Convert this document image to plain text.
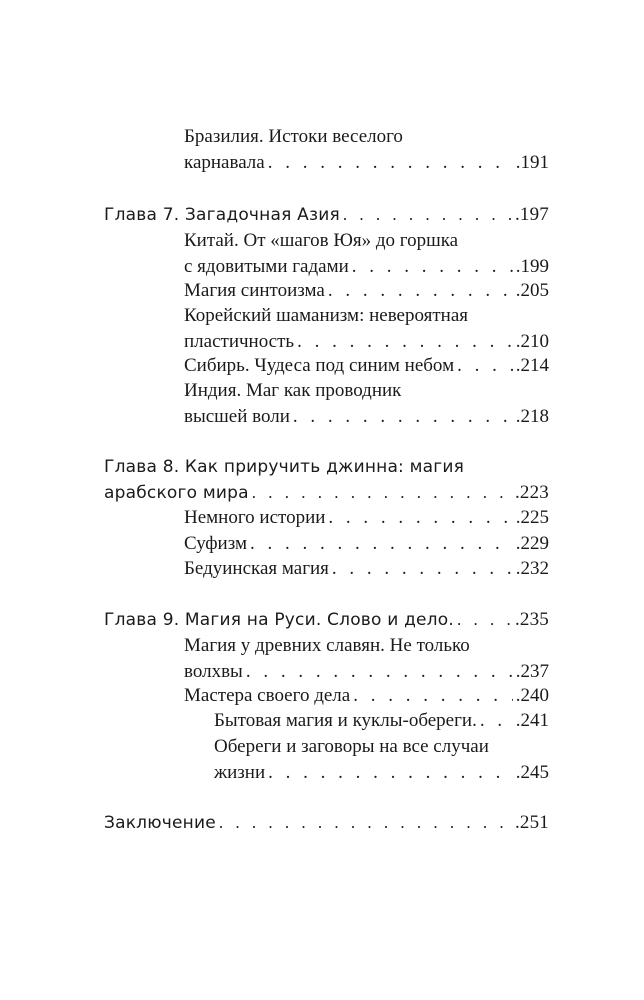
Бразилия. Истоки веселого
карнавала . . .	.191
Глава 7. Загадочная Азия . . .	.197
Китай. От «шагов Юя» до горшка
с ядовитыми гадами . . .	.199
Магия синтоизма . . .	.205
Корейский шаманизм: невероятная
пластичность . . .	.210
Сибирь. Чудеса под синим небом . . .	.214
Индия. Маг как проводник
высшей воли . . .	.218
Глава 8. Как приручить джинна: магия
арабского мира . . .	.223
Немного истории . . .	.225
Суфизм . . .	.229
Бедуинская магия . . .	.232
Глава 9. Магия на Руси. Слово и дело. . . .	.235
Магия у древних славян. Не только
волхвы . . .	.237
Мастера своего дела . . .	.240
Бытовая магия и куклы-обереги. . . . .241
Обереги и заговоры на все случаи
жизни . . .	.245
Заключение . . .	.251
